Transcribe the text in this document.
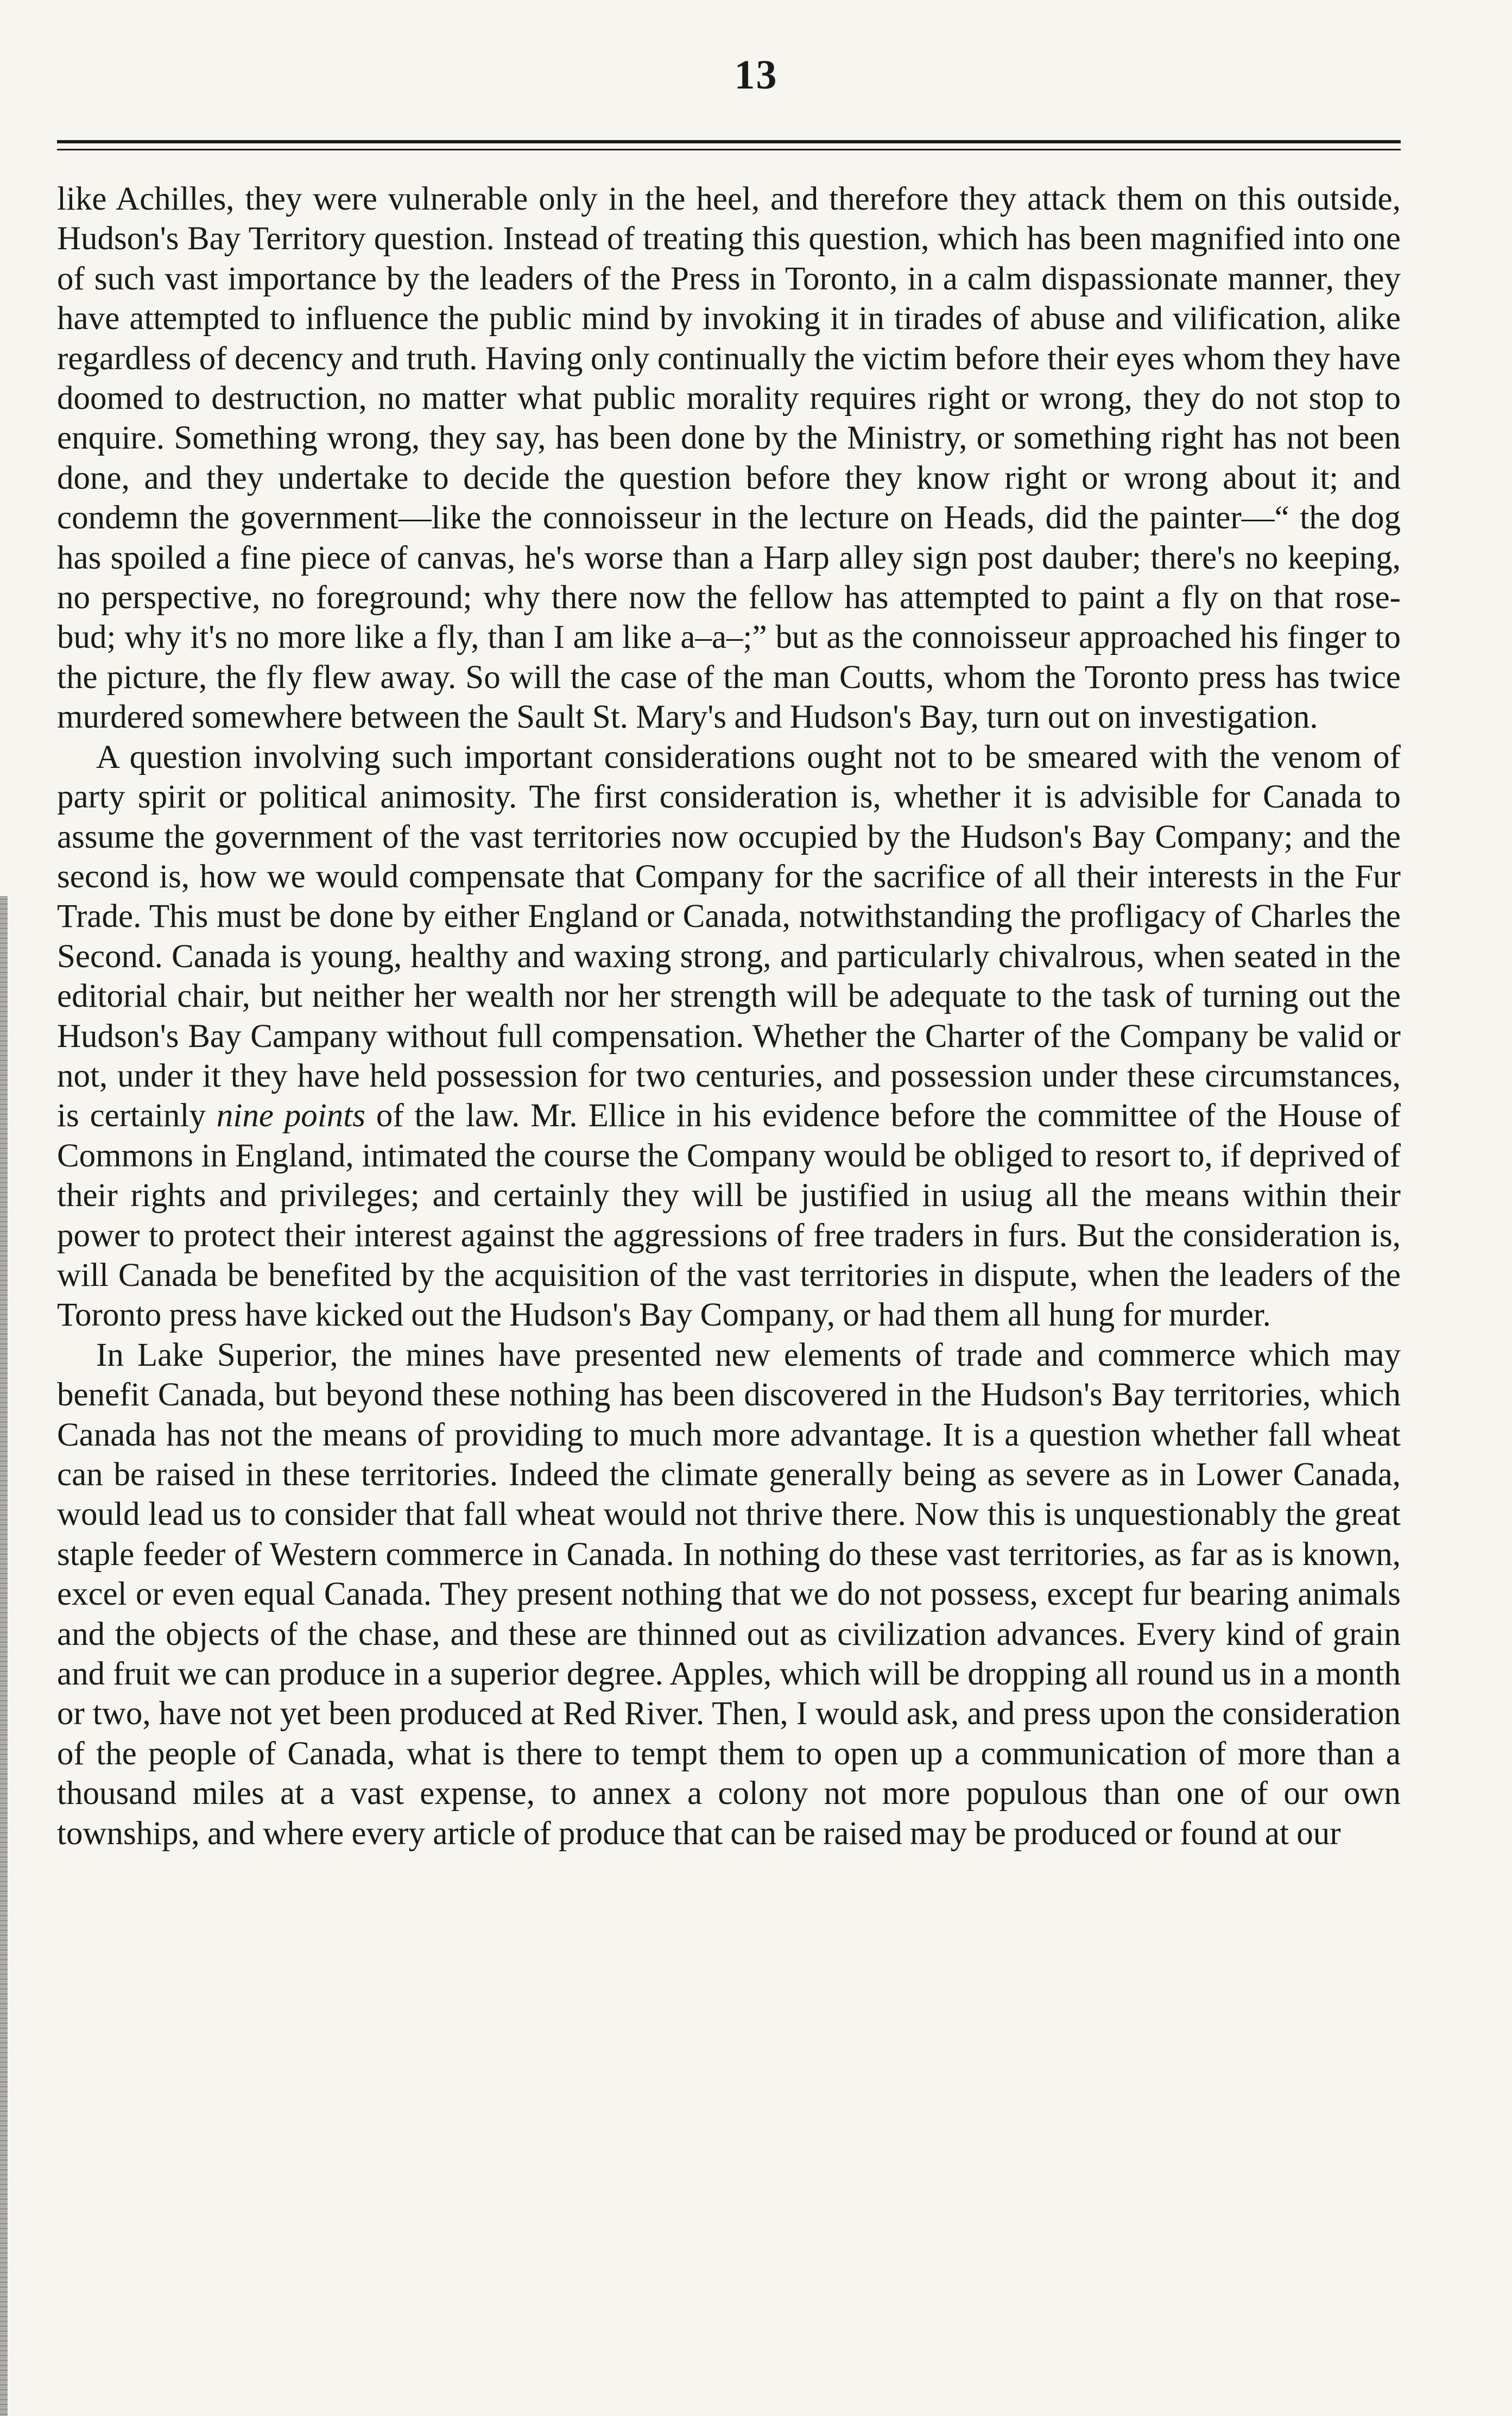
13

like Achilles, they were vulnerable only in the heel, and therefore they attack them on this outside, Hudson's Bay Territory question. Instead of treating this question, which has been magnified into one of such vast importance by the leaders of the Press in Toronto, in a calm dispassionate manner, they have attempted to influence the public mind by invoking it in tirades of abuse and vilification, alike regardless of decency and truth. Having only continually the victim before their eyes whom they have doomed to destruction, no matter what public morality requires right or wrong, they do not stop to enquire. Something wrong, they say, has been done by the Ministry, or something right has not been done, and they undertake to decide the question before they know right or wrong about it; and condemn the government—like the connoisseur in the lecture on Heads, did the painter—“ the dog has spoiled a fine piece of canvas, he's worse than a Harp alley sign post dauber; there's no keeping, no perspective, no foreground; why there now the fellow has attempted to paint a fly on that rose-bud; why it's no more like a fly, than I am like a–a–;” but as the connoisseur approached his finger to the picture, the fly flew away. So will the case of the man Coutts, whom the Toronto press has twice murdered somewhere between the Sault St. Mary's and Hudson's Bay, turn out on investigation.

A question involving such important considerations ought not to be smeared with the venom of party spirit or political animosity. The first consideration is, whether it is advisible for Canada to assume the government of the vast territories now occupied by the Hudson's Bay Company; and the second is, how we would compensate that Company for the sacrifice of all their interests in the Fur Trade. This must be done by either England or Canada, notwithstanding the profligacy of Charles the Second. Canada is young, healthy and waxing strong, and particularly chivalrous, when seated in the editorial chair, but neither her wealth nor her strength will be adequate to the task of turning out the Hudson's Bay Campany without full compensation. Whether the Charter of the Company be valid or not, under it they have held possession for two centuries, and possession under these circumstances, is certainly nine points of the law. Mr. Ellice in his evidence before the committee of the House of Commons in England, intimated the course the Company would be obliged to resort to, if deprived of their rights and privileges; and certainly they will be justified in usiug all the means within their power to protect their interest against the aggressions of free traders in furs. But the consideration is, will Canada be benefited by the acquisition of the vast territories in dispute, when the leaders of the Toronto press have kicked out the Hudson's Bay Company, or had them all hung for murder.

In Lake Superior, the mines have presented new elements of trade and commerce which may benefit Canada, but beyond these nothing has been discovered in the Hudson's Bay territories, which Canada has not the means of providing to much more advantage. It is a question whether fall wheat can be raised in these territories. Indeed the climate generally being as severe as in Lower Canada, would lead us to consider that fall wheat would not thrive there. Now this is unquestionably the great staple feeder of Western commerce in Canada. In nothing do these vast territories, as far as is known, excel or even equal Canada. They present nothing that we do not possess, except fur bearing animals and the objects of the chase, and these are thinned out as civilization advances. Every kind of grain and fruit we can produce in a superior degree. Apples, which will be dropping all round us in a month or two, have not yet been produced at Red River. Then, I would ask, and press upon the consideration of the people of Canada, what is there to tempt them to open up a communication of more than a thousand miles at a vast expense, to annex a colony not more populous than one of our own townships, and where every article of produce that can be raised may be produced or found at our
